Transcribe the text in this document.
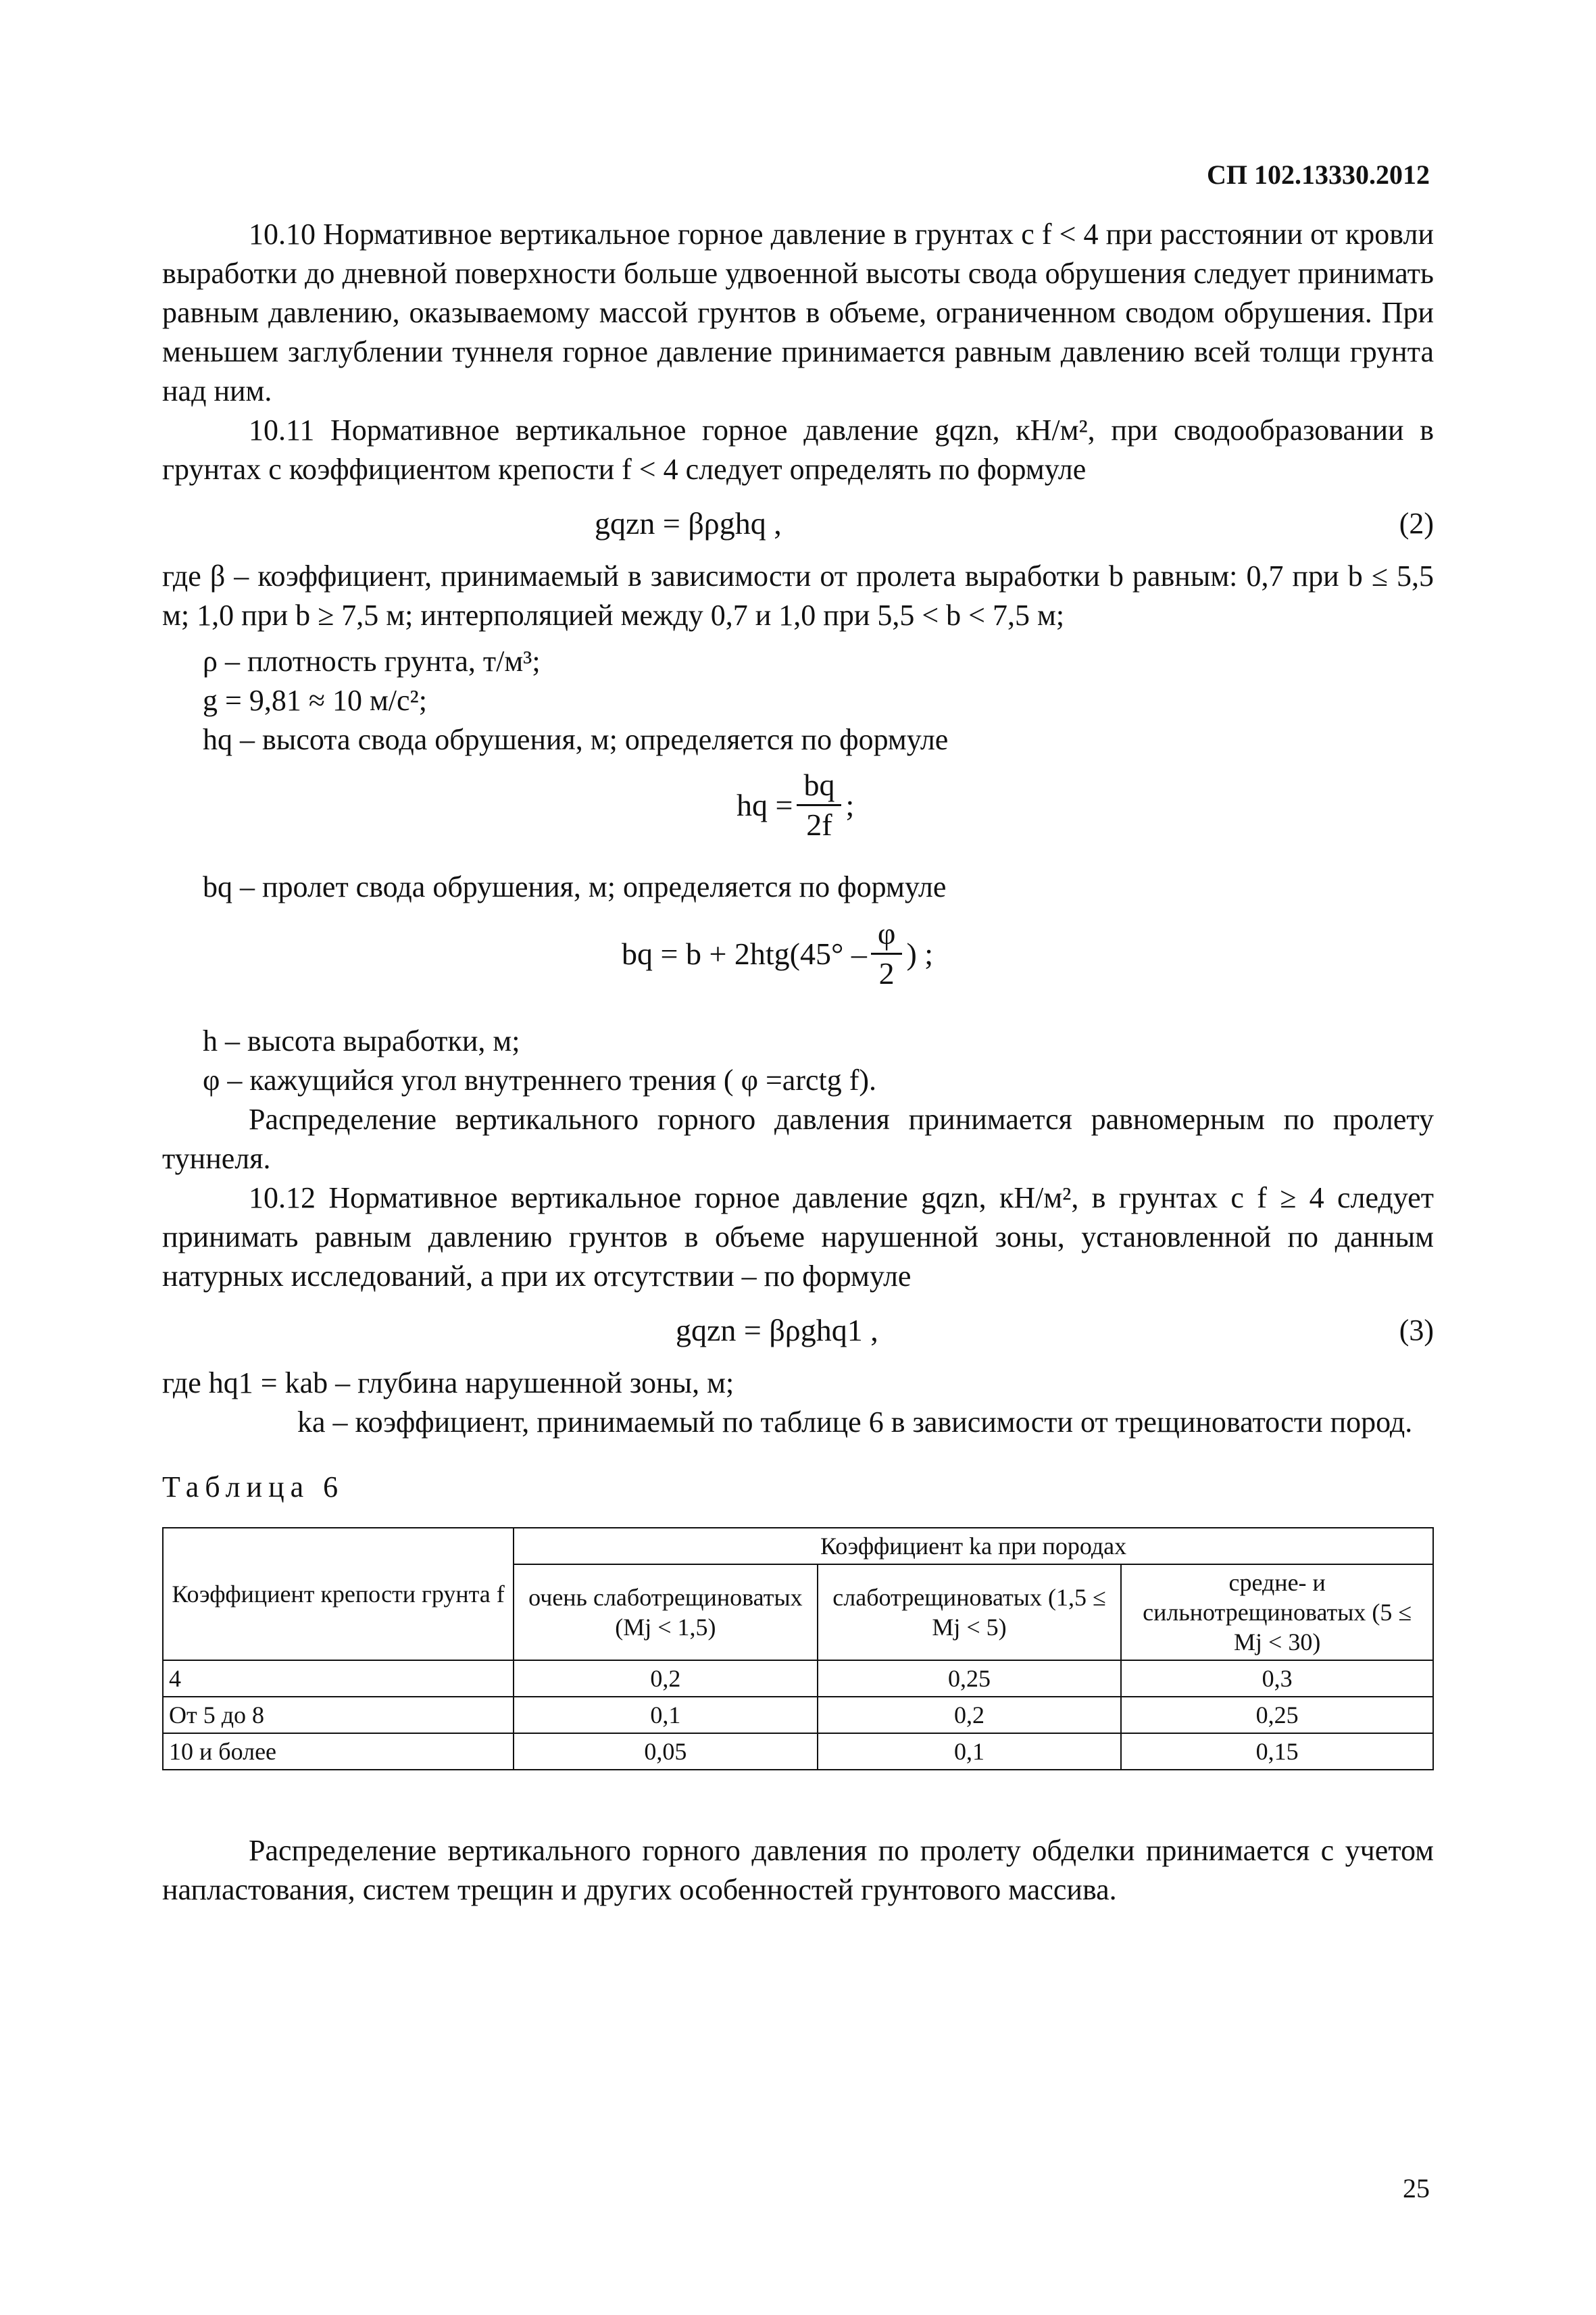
СП 102.13330.2012

10.10 Нормативное вертикальное горное давление в грунтах с f < 4 при расстоянии от кровли выработки до дневной поверхности больше удвоенной высоты свода обрушения следует принимать равным давлению, оказываемому массой грунтов в объеме, ограниченном сводом обрушения. При меньшем заглублении туннеля горное давление принимается равным давлению всей толщи грунта над ним.

10.11 Нормативное вертикальное горное давление gqzn, кН/м², при сводообразовании в грунтах с коэффициентом крепости f < 4 следует определять по формуле

gqzn = βρghq ,	(2)

где β – коэффициент, принимаемый в зависимости от пролета выработки b равным: 0,7 при b ≤ 5,5 м; 1,0 при b ≥ 7,5 м; интерполяцией между 0,7 и 1,0 при 5,5 < b < 7,5 м;

ρ – плотность грунта, т/м³;

g = 9,81 ≈ 10 м/с²;

hq – высота свода обрушения, м; определяется по формуле

hq = $\frac{bq}{2f}$ ;

bq – пролет свода обрушения, м; определяется по формуле

bq = $b + 2htg(45^\circ - \frac{\varphi}{2}$ ) ;

h – высота выработки, м;

φ – кажущийся угол внутреннего трения ( φ =arctg f).

Распределение вертикального горного давления принимается равномерным по пролету туннеля.

10.12 Нормативное вертикальное горное давление gqzn, кН/м², в грунтах с f ≥ 4 следует принимать равным давлению грунтов в объеме нарушенной зоны, установленной по данным натурных исследований, а при их отсутствии – по формуле

gqzn = βρghq1 ,	(3)

где hq1 = kab – глубина нарушенной зоны, м;

ka – коэффициент, принимаемый по таблице 6 в зависимости от трещиноватости пород.

Таблица 6

Коэффициент крепости грунта f	Коэффициент ka при породах		
	очень слаботрещиноватых (Mj < 1,5)	слаботрещиноватых (1,5 ≤ Mj < 5)	средне- и сильнотрещиноватых (5 ≤ Mj < 30)
4	0,2	0,25	0,3
От 5 до 8	0,1	0,2	0,25
10 и более	0,05	0,1	0,15

Распределение вертикального горного давления по пролету обделки принимается с учетом напластования, систем трещин и других особенностей грунтового массива.

25
